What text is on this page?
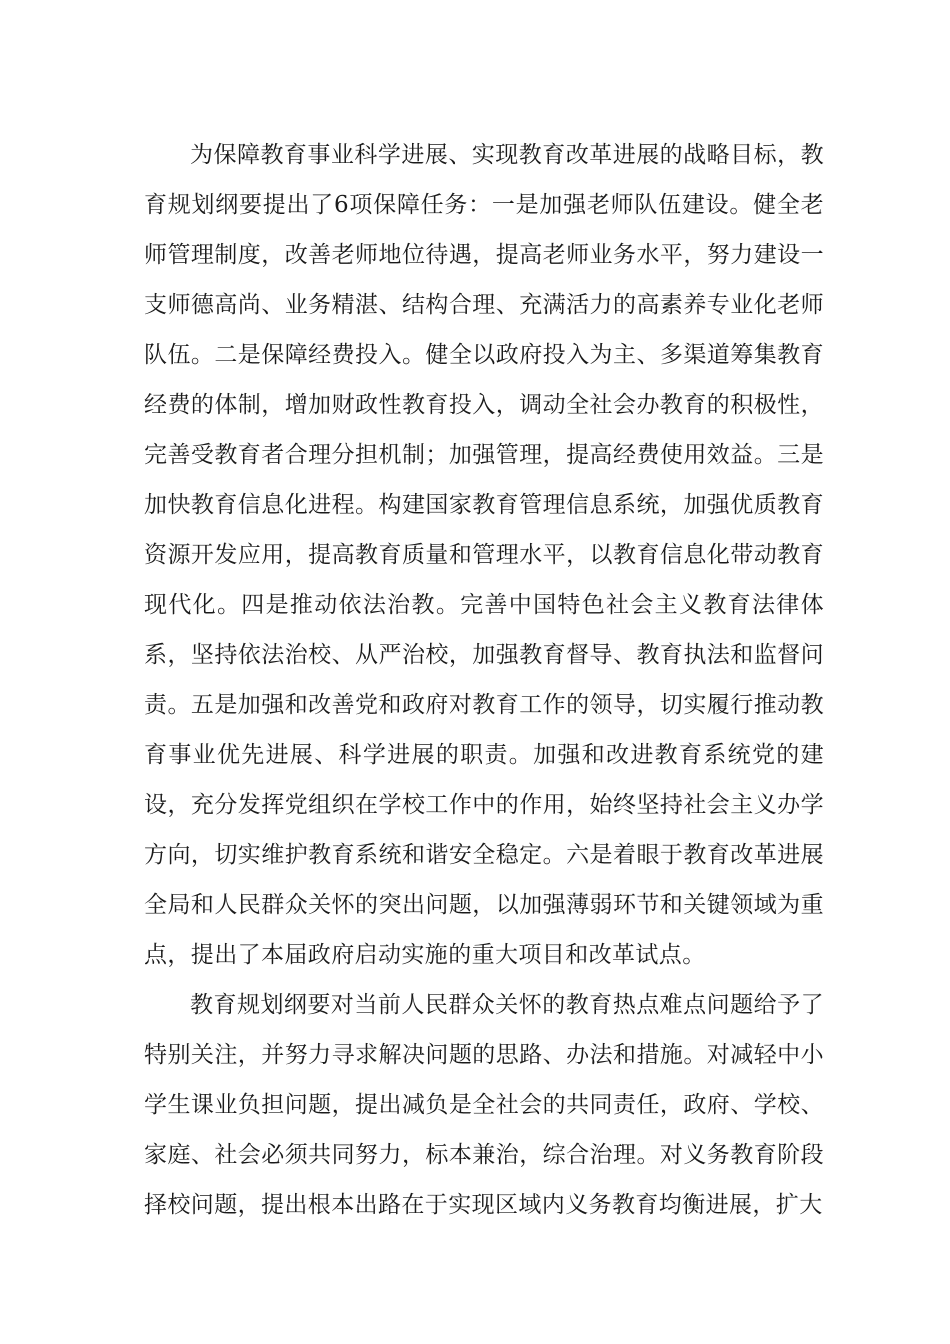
为保障教育事业科学进展、实现教育改革进展的战略目标，教育规划纲要提出了6项保障任务：一是加强老师队伍建设。健全老师管理制度，改善老师地位待遇，提高老师业务水平，努力建设一支师德高尚、业务精湛、结构合理、充满活力的高素养专业化老师队伍。二是保障经费投入。健全以政府投入为主、多渠道筹集教育经费的体制，增加财政性教育投入，调动全社会办教育的积极性，完善受教育者合理分担机制；加强管理，提高经费使用效益。三是加快教育信息化进程。构建国家教育管理信息系统，加强优质教育资源开发应用，提高教育质量和管理水平，以教育信息化带动教育现代化。四是推动依法治教。完善中国特色社会主义教育法律体系，坚持依法治校、从严治校，加强教育督导、教育执法和监督问责。五是加强和改善党和政府对教育工作的领导，切实履行推动教育事业优先进展、科学进展的职责。加强和改进教育系统党的建设，充分发挥党组织在学校工作中的作用，始终坚持社会主义办学方向，切实维护教育系统和谐安全稳定。六是着眼于教育改革进展全局和人民群众关怀的突出问题，以加强薄弱环节和关键领域为重点，提出了本届政府启动实施的重大项目和改革试点。

教育规划纲要对当前人民群众关怀的教育热点难点问题给予了特别关注，并努力寻求解决问题的思路、办法和措施。对减轻中小学生课业负担问题，提出减负是全社会的共同责任，政府、学校、家庭、社会必须共同努力，标本兼治，综合治理。对义务教育阶段择校问题，提出根本出路在于实现区域内义务教育均衡进展，扩大
